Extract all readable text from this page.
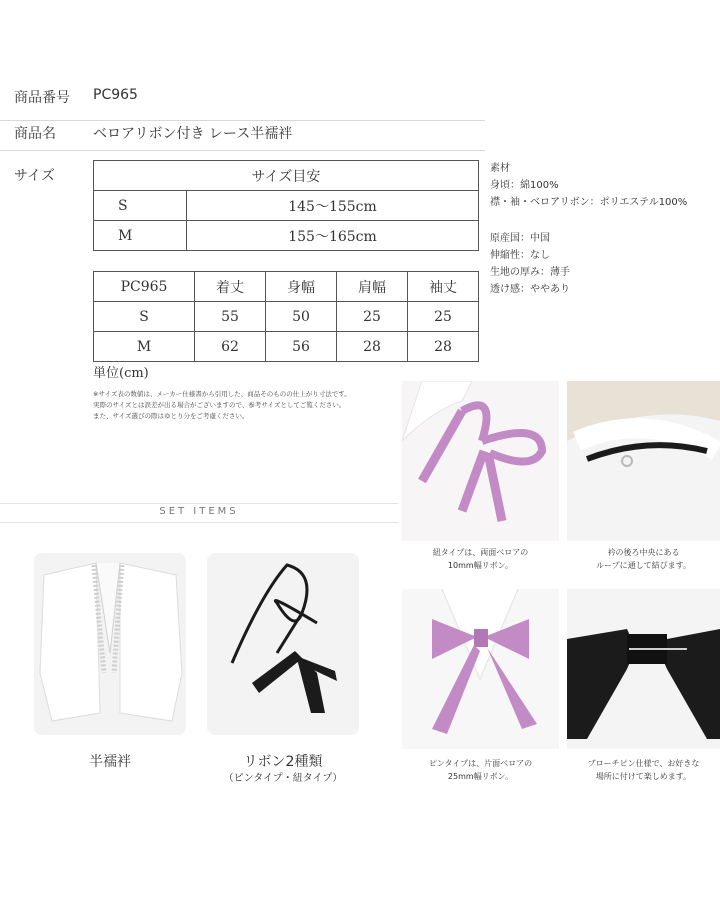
商品番号 PC965
商品名	ベロアリボン付き レース半襦袢
サイズ	サイズ目安	
S	145〜155cm
M	155〜165cm
PC965	着丈	身幅	肩幅	袖丈
S	55	50	25	25
M	62	56	28	28
単位(cm)
※サイズ表の数値は、メーカー仕様書から引用した、商品そのものの仕上がり寸法です。
実際のサイズとは誤差が出る場合がございますので、参考サイズとしてご覧ください。
また、サイズ選びの際はゆとり分をご考慮ください。
素材
身頃：綿100%
襟・袖・ベロアリボン：ポリエステル100%
原産国：中国
伸縮性：なし
生地の厚み：薄手
透け感：ややあり
SET ITEMS
半襦袢	リボン2種類
（ピンタイプ・紐タイプ）
紐タイプは、両面ベロアの
10mm幅リボン。
衿の後ろ中央にある
ループに通して結びます。
ピンタイプは、片面ベロアの
25mm幅リボン。
ブローチピン仕様で、お好きな
場所に付けて楽しめます。
